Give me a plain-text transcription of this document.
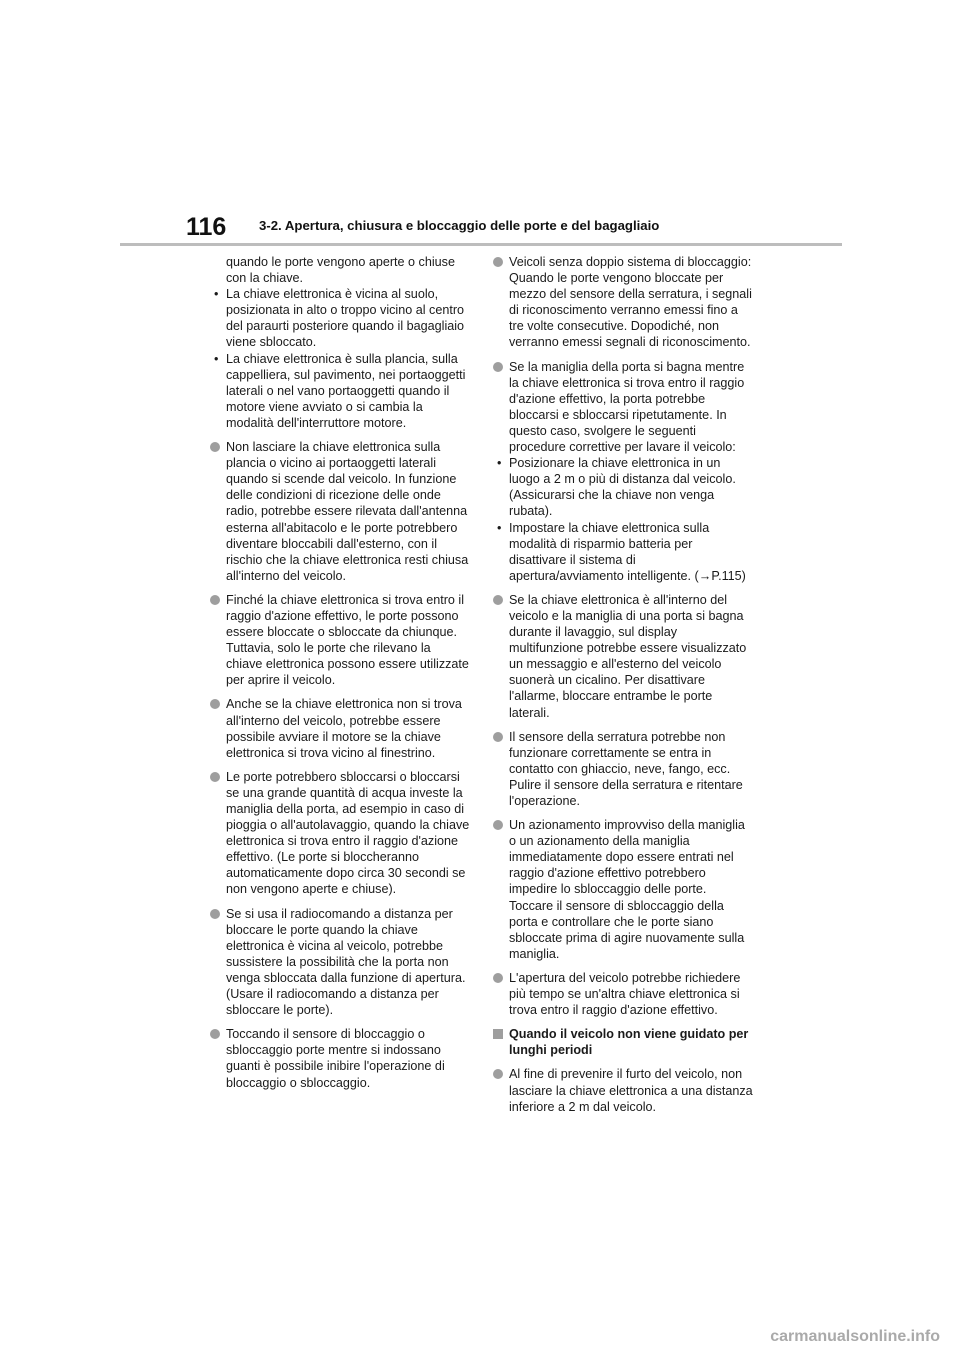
116 3-2. Apertura, chiusura e bloccaggio delle porte e del bagagliaio

quando le porte vengono aperte o chiuse con la chiave.

• La chiave elettronica è vicina al suolo, posizionata in alto o troppo vicino al centro del paraurti posteriore quando il bagagliaio viene sbloccato.
• La chiave elettronica è sulla plancia, sulla cappelliera, sul pavimento, nei portaoggetti laterali o nel vano portaoggetti quando il motore viene avviato o si cambia la modalità dell'interruttore motore.
Non lasciare la chiave elettronica sulla plancia o vicino ai portaoggetti laterali quando si scende dal veicolo. In funzione delle condizioni di ricezione delle onde radio, potrebbe essere rilevata dall'antenna esterna all'abitacolo e le porte potrebbero diventare bloccabili dall'esterno, con il rischio che la chiave elettronica resti chiusa all'interno del veicolo.
Finché la chiave elettronica si trova entro il raggio d'azione effettivo, le porte possono essere bloccate o sbloccate da chiunque. Tuttavia, solo le porte che rilevano la chiave elettronica possono essere utilizzate per aprire il veicolo.
Anche se la chiave elettronica non si trova all'interno del veicolo, potrebbe essere possibile avviare il motore se la chiave elettronica si trova vicino al finestrino.
Le porte potrebbero sbloccarsi o bloccarsi se una grande quantità di acqua investe la maniglia della porta, ad esempio in caso di pioggia o all'autolavaggio, quando la chiave elettronica si trova entro il raggio d'azione effettivo. (Le porte si bloccheranno automaticamente dopo circa 30 secondi se non vengono aperte e chiuse).
Se si usa il radiocomando a distanza per bloccare le porte quando la chiave elettronica è vicina al veicolo, potrebbe sussistere la possibilità che la porta non venga sbloccata dalla funzione di apertura. (Usare il radiocomando a distanza per sbloccare le porte).
Toccando il sensore di bloccaggio o sbloccaggio porte mentre si indossano guanti è possibile inibire l'operazione di bloccaggio o sbloccaggio.
Veicoli senza doppio sistema di bloccaggio: Quando le porte vengono bloccate per mezzo del sensore della serratura, i segnali di riconoscimento verranno emessi fino a tre volte consecutive. Dopodiché, non verranno emessi segnali di riconoscimento.
Se la maniglia della porta si bagna mentre la chiave elettronica si trova entro il raggio d'azione effettivo, la porta potrebbe bloccarsi e sbloccarsi ripetutamente. In questo caso, svolgere le seguenti procedure correttive per lavare il veicolo:
• Posizionare la chiave elettronica in un luogo a 2 m o più di distanza dal veicolo. (Assicurarsi che la chiave non venga rubata).
• Impostare la chiave elettronica sulla modalità di risparmio batteria per disattivare il sistema di apertura/avviamento intelligente. (→P.115)
Se la chiave elettronica è all'interno del veicolo e la maniglia di una porta si bagna durante il lavaggio, sul display multifunzione potrebbe essere visualizzato un messaggio e all'esterno del veicolo suonerà un cicalino. Per disattivare l'allarme, bloccare entrambe le porte laterali.
Il sensore della serratura potrebbe non funzionare correttamente se entra in contatto con ghiaccio, neve, fango, ecc. Pulire il sensore della serratura e ritentare l'operazione.
Un azionamento improvviso della maniglia o un azionamento della maniglia immediatamente dopo essere entrati nel raggio d'azione effettivo potrebbero impedire lo sbloccaggio delle porte. Toccare il sensore di sbloccaggio della porta e controllare che le porte siano sbloccate prima di agire nuovamente sulla maniglia.
L'apertura del veicolo potrebbe richiedere più tempo se un'altra chiave elettronica si trova entro il raggio d'azione effettivo.
Quando il veicolo non viene guidato per lunghi periodi
Al fine di prevenire il furto del veicolo, non lasciare la chiave elettronica a una distanza inferiore a 2 m dal veicolo.
carmanualsonline.info
